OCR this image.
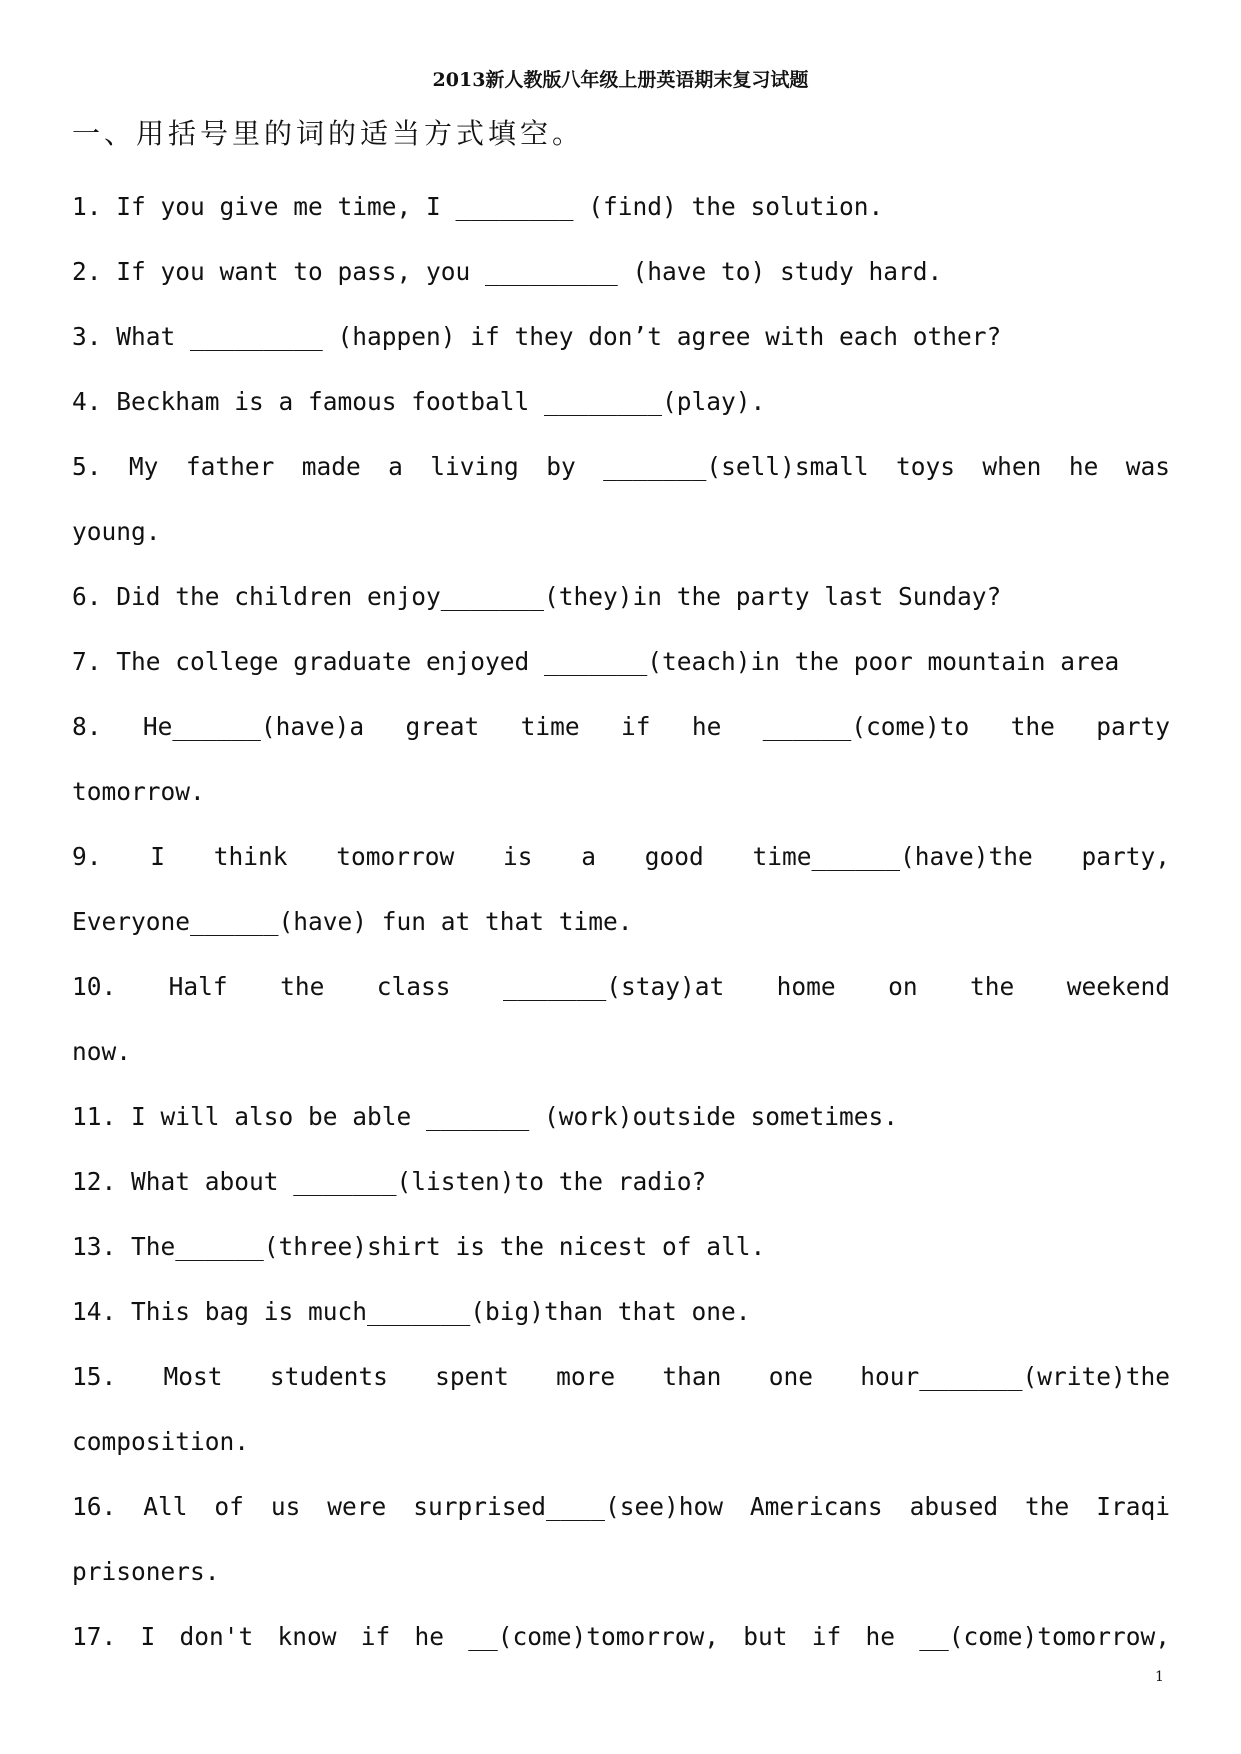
2013新人教版八年级上册英语期末复习试题
一、用括号里的词的适当方式填空。
1. If you give me time, I ________ (find) the solution.
2. If you want to pass, you _________ (have to) study hard.
3. What _________ (happen) if they don’t agree with each other?
4. Beckham is a famous football ________(play).
5. My father made a living by _______(sell)small toys when he was
young.
6. Did the children enjoy_______(they)in the party last Sunday?
7. The college graduate enjoyed _______(teach)in the poor mountain area
8. He______(have)a great time if he ______(come)to the party
tomorrow.
9. I think tomorrow is a good time______(have)the party,
Everyone______(have) fun at that time.
10. Half the class _______(stay)at home on the weekend
now.
11. I will also be able _______ (work)outside sometimes.
12. What about _______(listen)to the radio?
13. The______(three)shirt is the nicest of all.
14. This bag is much_______(big)than that one.
15. Most students spent more than one hour_______(write)the
composition.
16. All of us were surprised____(see)how Americans abused the Iraqi
prisoners.
17. I don't know if he __(come)tomorrow, but if he __(come)tomorrow,
1
